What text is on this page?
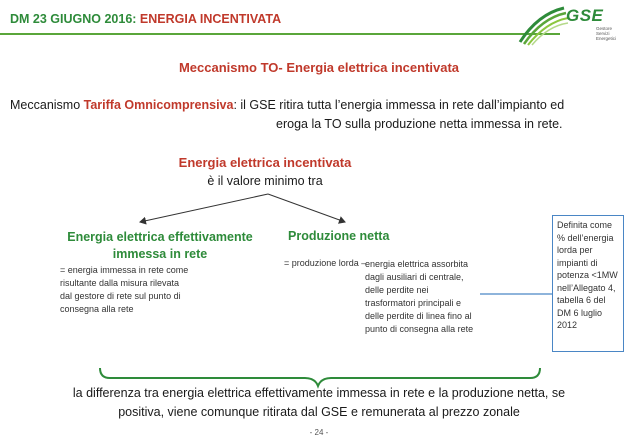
DM 23 GIUGNO 2016: ENERGIA INCENTIVATA	GSE
Gestore
Servizi
Energetici
Meccanismo TO- Energia elettrica incentivata
Meccanismo Tariffa Omnicomprensiva: il GSE ritira tutta l’energia immessa in rete dall’impianto ed
eroga la TO sulla produzione netta immessa in rete.
Energia elettrica incentivata
è il valore minimo tra
Energia elettrica effettivamente
immessa in rete
= energia immessa in rete come
risultante dalla misura rilevata
dal gestore di rete sul punto di
consegna alla rete
Produzione netta
= produzione lorda –
energia elettrica assorbita
dagli ausiliari di centrale,
delle perdite nei
trasformatori principali e
delle perdite di linea fino al
punto di consegna alla rete
Definita come
% dell’energia
lorda per
impianti di
potenza <1MW
nell’Allegato 4,
tabella 6 del
DM 6 luglio
2012
la differenza tra energia elettrica effettivamente immessa in rete e la produzione netta, se
positiva, viene comunque ritirata dal GSE e remunerata al prezzo zonale
- 24 -
